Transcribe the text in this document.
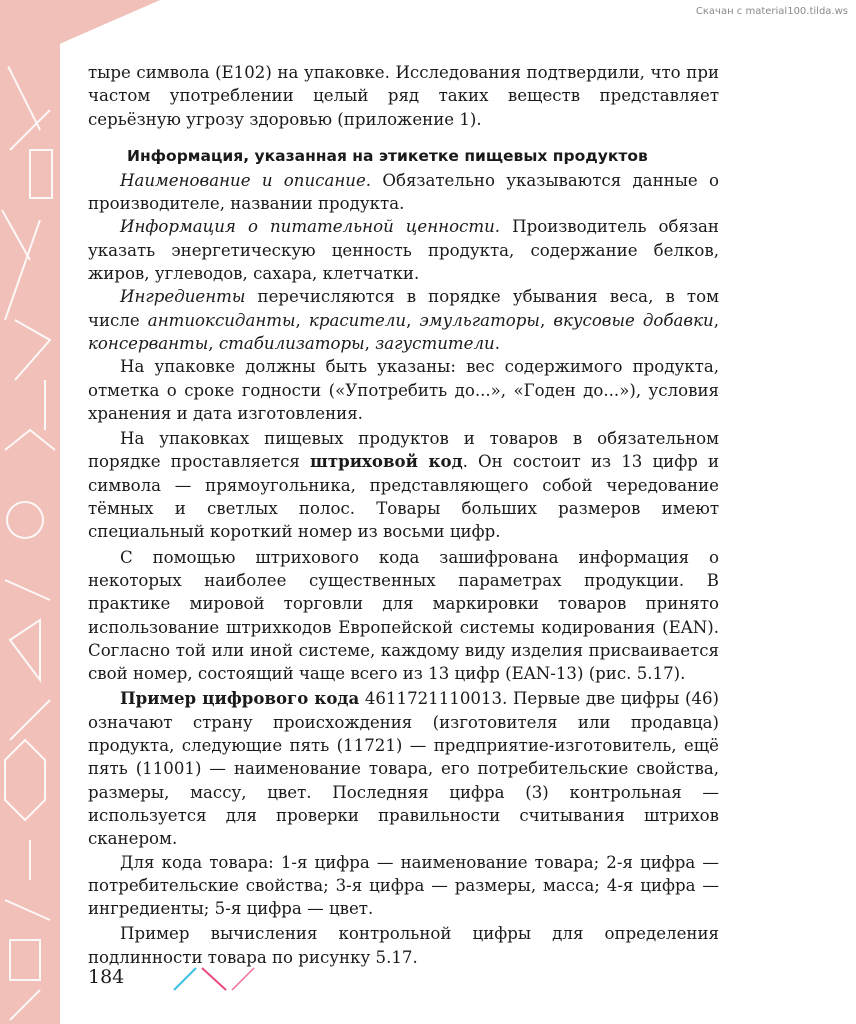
Скачан с material100.tilda.ws

тыре символа (Е102) на упаковке. Исследования подтвердили, что при частом употреблении целый ряд таких веществ представляет серьёзную угрозу здоровью (приложение 1).

Информация, указанная на этикетке пищевых продуктов

Наименование и описание. Обязательно указываются данные о производителе, названии продукта.

Информация о питательной ценности. Производитель обязан указать энергетическую ценность продукта, содержание белков, жиров, углеводов, сахара, клетчатки.

Ингредиенты перечисляются в порядке убывания веса, в том числе антиоксиданты, красители, эмульгаторы, вкусовые добавки, консерванты, стабилизаторы, загустители.

На упаковке должны быть указаны: вес содержимого продукта, отметка о сроке годности («Употребить до...», «Годен до...»), условия хранения и дата изготовления.

На упаковках пищевых продуктов и товаров в обязательном порядке проставляется штриховой код. Он состоит из 13 цифр и символа — прямоугольника, представляющего собой чередование тёмных и светлых полос. Товары больших размеров имеют специальный короткий номер из восьми цифр.

С помощью штрихового кода зашифрована информация о некоторых наиболее существенных параметрах продукции. В практике мировой торговли для маркировки товаров принято использование штрихкодов Европейской системы кодирования (EAN). Согласно той или иной системе, каждому виду изделия присваивается свой номер, состоящий чаще всего из 13 цифр (EAN-13) (рис. 5.17).

Пример цифрового кода 4611721110013. Первые две цифры (46) означают страну происхождения (изготовителя или продавца) продукта, следующие пять (11721) — предприятие-изготовитель, ещё пять (11001) — наименование товара, его потребительские свойства, размеры, массу, цвет. Последняя цифра (3) контрольная — используется для проверки правильности считывания штрихов сканером.

Для кода товара: 1-я цифра — наименование товара; 2-я цифра — потребительские свойства; 3-я цифра — размеры, масса; 4-я цифра — ингредиенты; 5-я цифра — цвет.

Пример вычисления контрольной цифры для определения подлинности товара по рисунку 5.17.

184
